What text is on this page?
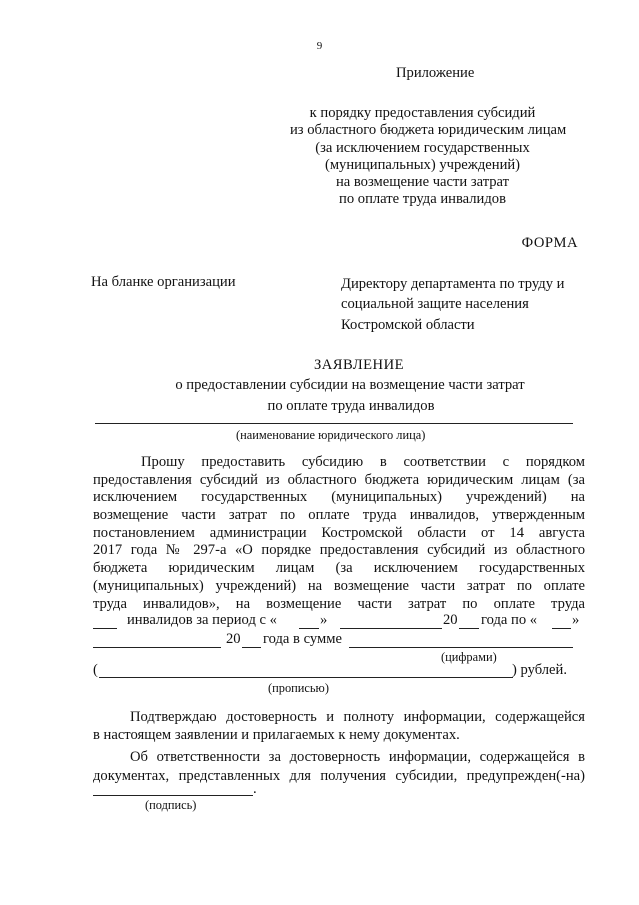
9
Приложение
к порядку предоставления субсидий
из областного бюджета юридическим лицам
(за исключением государственных
(муниципальных) учреждений)
на возмещение части затрат
по оплате труда инвалидов
ФОРМА
На бланке организации	Директору департамента по труду и
социальной защите населения
Костромской области
ЗАЯВЛЕНИЕ
о предоставлении субсидии на возмещение части затрат
по оплате труда инвалидов
(наименование юридического лица)
Прошу предоставить субсидию в соответствии с порядком
предоставления субсидий из областного бюджета юридическим лицам (за
исключением государственных (муниципальных) учреждений) на
возмещение части затрат по оплате труда инвалидов, утвержденным
постановлением администрации Костромской области от 14 августа
2017 года № 297-а «О порядке предоставления субсидий из областного
бюджета юридическим лицам (за исключением государственных
(муниципальных) учреждений) на возмещение части затрат по оплате
труда инвалидов», на возмещение части затрат по оплате труда
инвалидов за период с «	»	20 года по « »
20 года в сумме
(цифрами)
(	) рублей.
(прописью)
Подтверждаю достоверность и полноту информации, содержащейся
в настоящем заявлении и прилагаемых к нему документах.
Об ответственности за достоверность информации, содержащейся в
документах, представленных для получения субсидии, предупрежден(-на)
.
(подпись)
